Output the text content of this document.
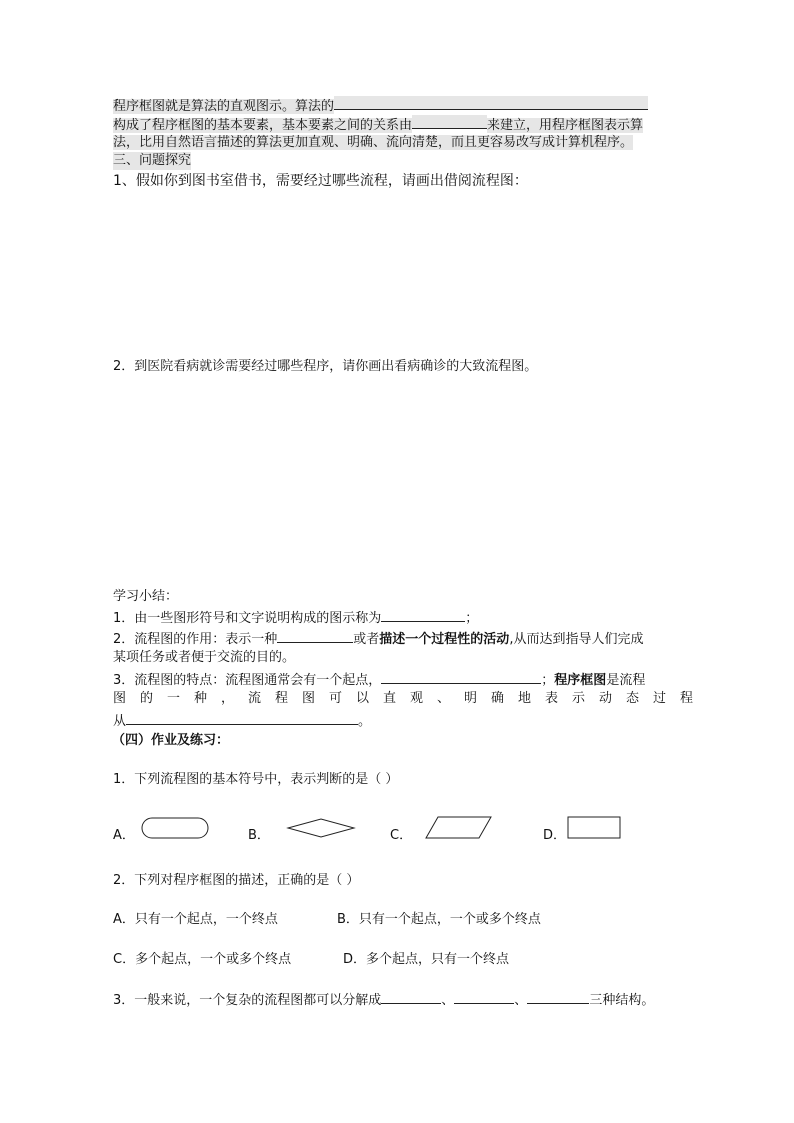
程序框图就是算法的直观图示。算法的
构成了程序框图的基本要素，基本要素之间的关系由	来建立，用程序框图表示算
法，比用自然语言描述的算法更加直观、明确、流向清楚，而且更容易改写成计算机程序。
三、问题探究
1、假如你到图书室借书，需要经过哪些流程，请画出借阅流程图：
2．到医院看病就诊需要经过哪些程序，请你画出看病确诊的大致流程图。
学习小结：
1．由一些图形符号和文字说明构成的图示称为	；
2．流程图的作用：表示一种	或者描述一个过程性的活动,从而达到指导人们完成
某项任务或者便于交流的目的。
3．流程图的特点：流程图通常会有一个起点，	；程序框图是流程
图的一种，流程图可以直观、明确地表示动态过程
从	。
（四）作业及练习：
1．下列流程图的基本符号中，表示判断的是（ ）
A．	B．	C．	D．
2．下列对程序框图的描述，正确的是（ ）
A．只有一个起点，一个终点	B．只有一个起点，一个或多个终点
C．多个起点，一个或多个终点	D．多个起点，只有一个终点
3．一般来说，一个复杂的流程图都可以分解成	、	、	三种结构。
